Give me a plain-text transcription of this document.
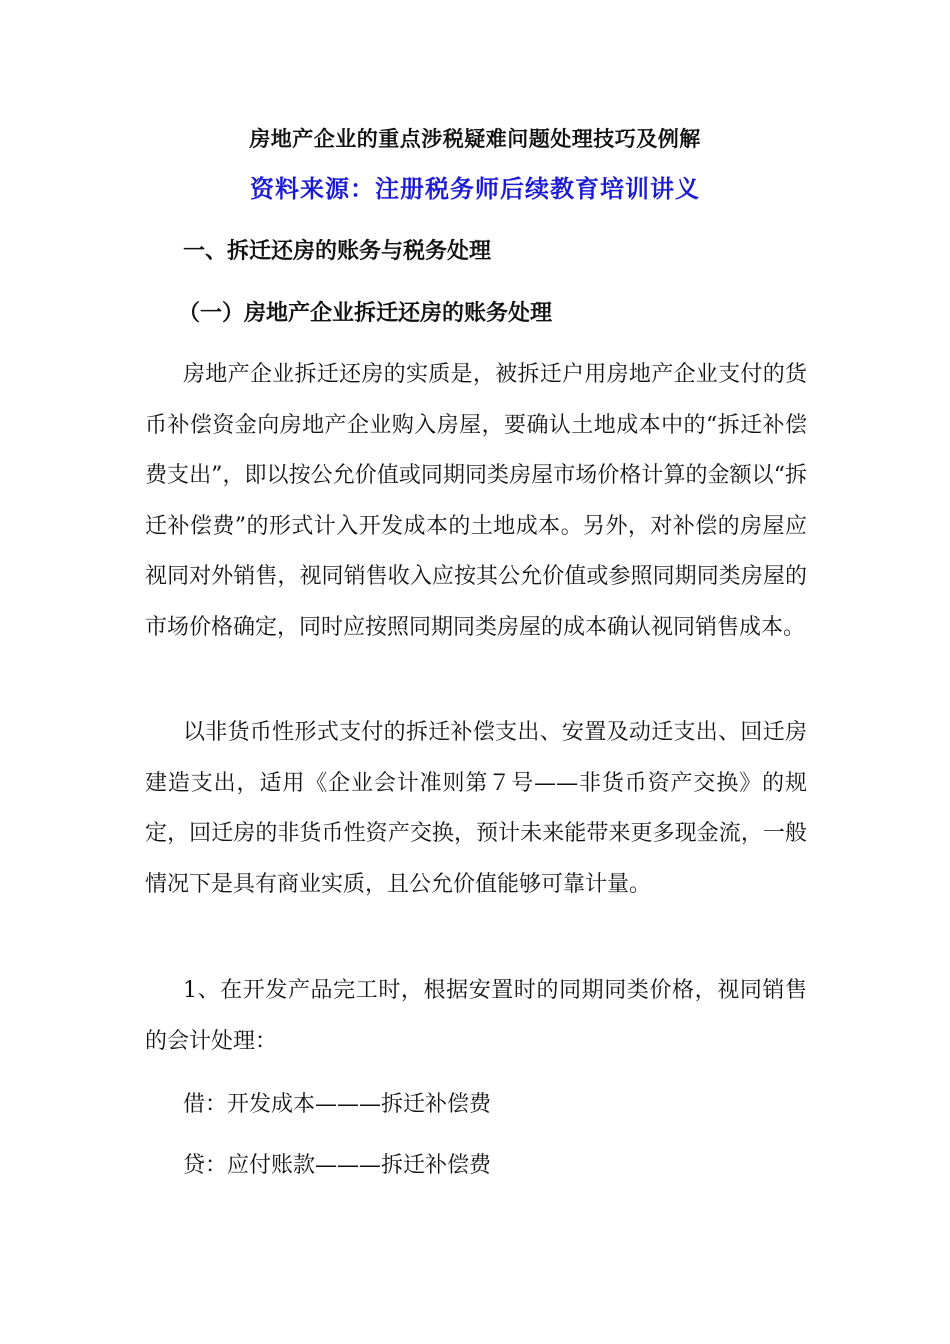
房地产企业的重点涉税疑难问题处理技巧及例解
资料来源：注册税务师后续教育培训讲义
一、拆迁还房的账务与税务处理
（一）房地产企业拆迁还房的账务处理
房地产企业拆迁还房的实质是，被拆迁户用房地产企业支付的货币补偿资金向房地产企业购入房屋，要确认土地成本中的“拆迁补偿费支出”，即以按公允价值或同期同类房屋市场价格计算的金额以“拆迁补偿费”的形式计入开发成本的土地成本。另外，对补偿的房屋应视同对外销售，视同销售收入应按其公允价值或参照同期同类房屋的市场价格确定，同时应按照同期同类房屋的成本确认视同销售成本。
以非货币性形式支付的拆迁补偿支出、安置及动迁支出、回迁房建造支出，适用《企业会计准则第７号——非货币资产交换》的规定，回迁房的非货币性资产交换，预计未来能带来更多现金流，一般情况下是具有商业实质，且公允价值能够可靠计量。
1、在开发产品完工时，根据安置时的同期同类价格，视同销售的会计处理：
借：开发成本———拆迁补偿费
贷：应付账款———拆迁补偿费
